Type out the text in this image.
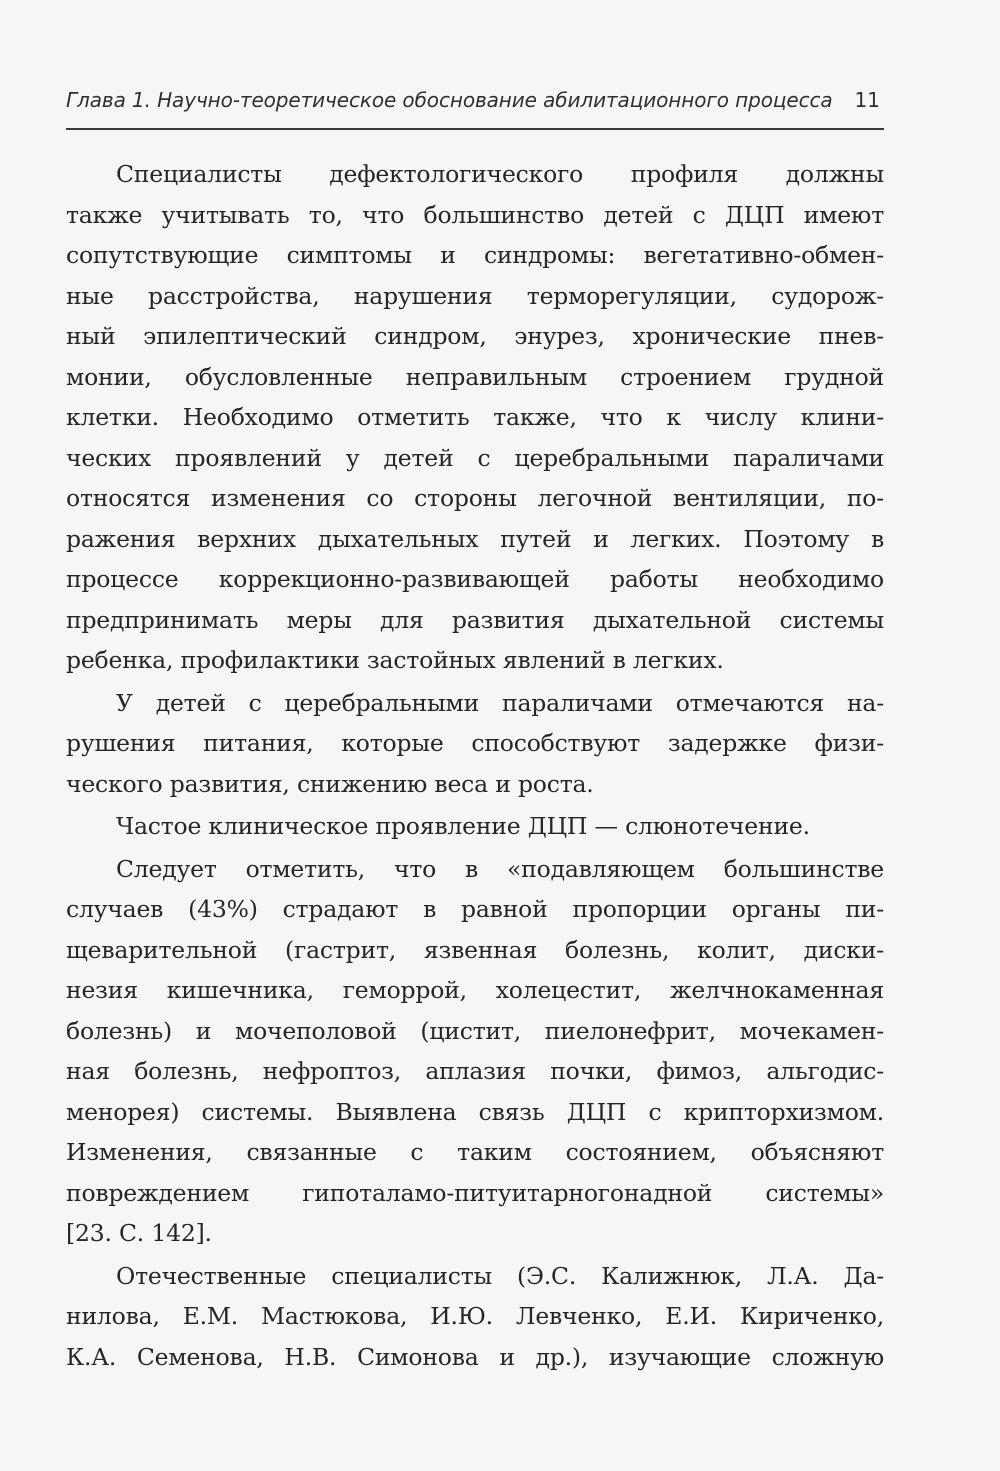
Глава 1. Научно-теоретическое обоснование абилитационного процесса 11
Специалисты дефектологического профиля должны
также учитывать то, что большинство детей с ДЦП имеют
сопутствующие симптомы и синдромы: вегетативно-обмен-
ные расстройства, нарушения терморегуляции, судорож-
ный эпилептический синдром, энурез, хронические пнев-
монии, обусловленные неправильным строением грудной
клетки. Необходимо отметить также, что к числу клини-
ческих проявлений у детей с церебральными параличами
относятся изменения со стороны легочной вентиляции, по-
ражения верхних дыхательных путей и легких. Поэтому в
процессе коррекционно-развивающей работы необходимо
предпринимать меры для развития дыхательной системы
ребенка, профилактики застойных явлений в легких.
У детей с церебральными параличами отмечаются на-
рушения питания, которые способствуют задержке физи-
ческого развития, снижению веса и роста.
Частое клиническое проявление ДЦП — слюнотечение.
Следует отметить, что в «подавляющем большинстве
случаев (43%) страдают в равной пропорции органы пи-
щеварительной (гастрит, язвенная болезнь, колит, диски-
незия кишечника, геморрой, холецестит, желчнокаменная
болезнь) и мочеполовой (цистит, пиелонефрит, мочекамен-
ная болезнь, нефроптоз, аплазия почки, фимоз, альгодис-
менорея) системы. Выявлена связь ДЦП с крипторхизмом.
Изменения, связанные с таким состоянием, объясняют
повреждением гипоталамо-питуитарногонадной системы»
[23. С. 142].
Отечественные специалисты (Э.С. Калижнюк, Л.А. Да-
нилова, Е.М. Мастюкова, И.Ю. Левченко, Е.И. Кириченко,
К.А. Семенова, Н.В. Симонова и др.), изучающие сложную
